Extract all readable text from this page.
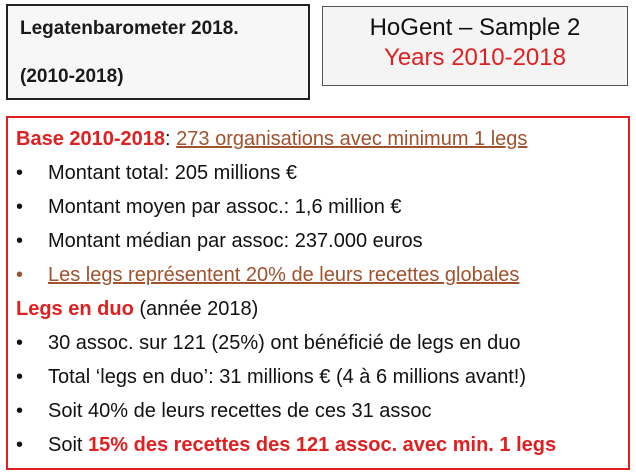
Legatenbarometer 2018.
(2010-2018)
HoGent – Sample 2
Years 2010-2018
Base 2010-2018: 273 organisations avec minimum 1 legs
• Montant total: 205 millions €
• Montant moyen par assoc.: 1,6 million €
• Montant médian par assoc: 237.000 euros
• Les legs représentent 20% de leurs recettes globales
Legs en duo (année 2018)
• 30 assoc. sur 121 (25%) ont bénéficié de legs en duo
• Total ‘legs en duo’: 31 millions € (4 à 6 millions avant!)
• Soit 40% de leurs recettes de ces 31 assoc
• Soit 15% des recettes des 121 assoc. avec min. 1 legs
